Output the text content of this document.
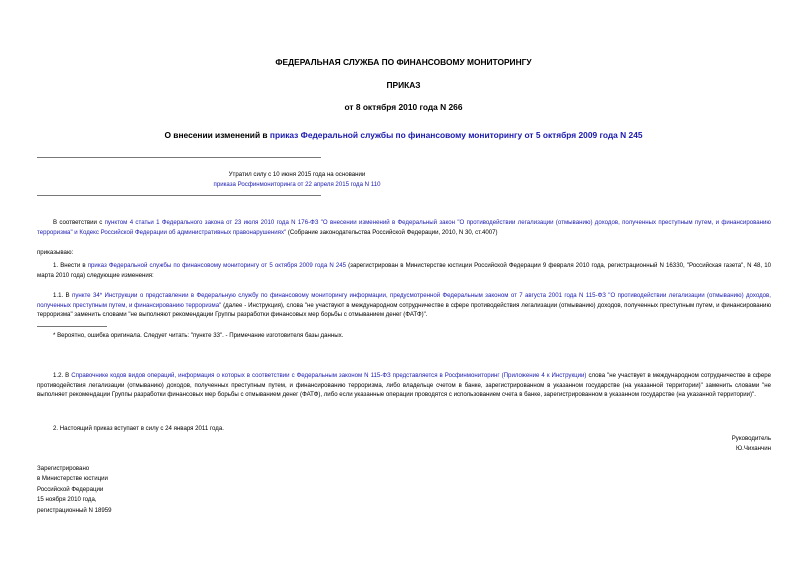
ФЕДЕРАЛЬНАЯ СЛУЖБА ПО ФИНАНСОВОМУ МОНИТОРИНГУ
ПРИКАЗ
от 8 октября 2010 года N 266
О внесении изменений в приказ Федеральной службы по финансовому мониторингу от 5 октября 2009 года N 245
Утратил силу с 10 июня 2015 года на основании
приказа Росфинмониторинга от 22 апреля 2015 года N 110
В соответствии с пунктом 4 статьи 1 Федерального закона от 23 июля 2010 года N 176-ФЗ "О внесении изменений в Федеральный закон "О противодействии легализации (отмыванию) доходов, полученных преступным путем, и финансированию терроризма" и Кодекс Российской Федерации об административных правонарушениях" (Собрание законодательства Российской Федерации, 2010, N 30, ст.4007)
приказываю:
1. Внести в приказ Федеральной службы по финансовому мониторингу от 5 октября 2009 года N 245 (зарегистрирован в Министерстве юстиции Российской Федерации 9 февраля 2010 года, регистрационный N 16330, "Российская газета", N 48, 10 марта 2010 года) следующие изменения:
1.1. В пункте 34* Инструкции о представлении в Федеральную службу по финансовому мониторингу информации, предусмотренной Федеральным законом от 7 августа 2001 года N 115-ФЗ "О противодействии легализации (отмыванию) доходов, полученных преступным путем, и финансированию терроризма" (далее - Инструкция), слова "не участвуют в международном сотрудничестве в сфере противодействия легализации (отмыванию) доходов, полученных преступным путем, и финансированию терроризма" заменить словами "не выполняют рекомендации Группы разработки финансовых мер борьбы с отмыванием денег (ФАТФ)".
* Вероятно, ошибка оригинала. Следует читать: "пункте 33". - Примечание изготовителя базы данных.
1.2. В Справочнике кодов видов операций, информация о которых в соответствии с Федеральным законом N 115-ФЗ представляется в Росфинмониторинг (Приложение 4 к Инструкции) слова "не участвует в международном сотрудничестве в сфере противодействия легализации (отмыванию) доходов, полученных преступным путем, и финансированию терроризма, либо владельце счетом в банке, зарегистрированном в указанном государстве (на указанной территории)" заменить словами "не выполняет рекомендации Группы разработки финансовых мер борьбы с отмыванием денег (ФАТФ), либо если указанные операции проводятся с использованием счета в банке, зарегистрированном в указанном государстве (на указанной территории)".
2. Настоящий приказ вступает в силу с 24 января 2011 года.
Руководитель
Ю.Чиханчин
Зарегистрировано
в Министерстве юстиции
Российской Федерации
15 ноября 2010 года,
регистрационный N 18959
